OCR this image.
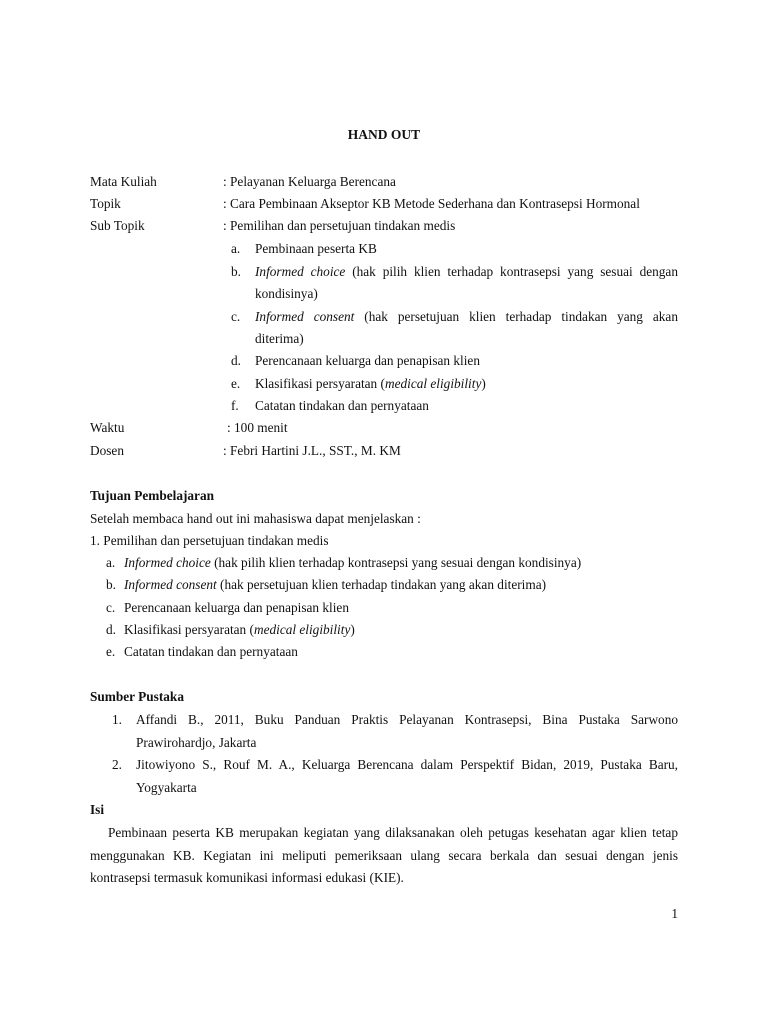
HAND OUT
Mata Kuliah	: Pelayanan Keluarga Berencana
Topik	: Cara Pembinaan Akseptor KB Metode Sederhana dan Kontrasepsi Hormonal
Sub Topik	: Pemilihan dan persetujuan tindakan medis
a. Pembinaan peserta KB
b. Informed choice (hak pilih klien terhadap kontrasepsi yang sesuai dengan
kondisinya)
c. Informed consent (hak persetujuan klien terhadap tindakan yang akan
diterima)
d. Perencanaan keluarga dan penapisan klien
e. Klasifikasi persyaratan (medical eligibility)
f. Catatan tindakan dan pernyataan
Waktu	: 100 menit
Dosen	: Febri Hartini J.L., SST., M. KM
Tujuan Pembelajaran
Setelah membaca hand out ini mahasiswa dapat menjelaskan :
1. Pemilihan dan persetujuan tindakan medis
a. Informed choice (hak pilih klien terhadap kontrasepsi yang sesuai dengan kondisinya)
b. Informed consent (hak persetujuan klien terhadap tindakan yang akan diterima)
c. Perencanaan keluarga dan penapisan klien
d. Klasifikasi persyaratan (medical eligibility)
e. Catatan tindakan dan pernyataan
Sumber Pustaka
1. Affandi B., 2011, Buku Panduan Praktis Pelayanan Kontrasepsi, Bina Pustaka Sarwono
Prawirohardjo, Jakarta
2. Jitowiyono S., Rouf M. A., Keluarga Berencana dalam Perspektif Bidan, 2019, Pustaka Baru,
Yogyakarta
Isi
Pembinaan peserta KB merupakan kegiatan yang dilaksanakan oleh petugas kesehatan agar klien tetap
menggunakan KB. Kegiatan ini meliputi pemeriksaan ulang secara berkala dan sesuai dengan jenis
kontrasepsi termasuk komunikasi informasi edukasi (KIE).
1
